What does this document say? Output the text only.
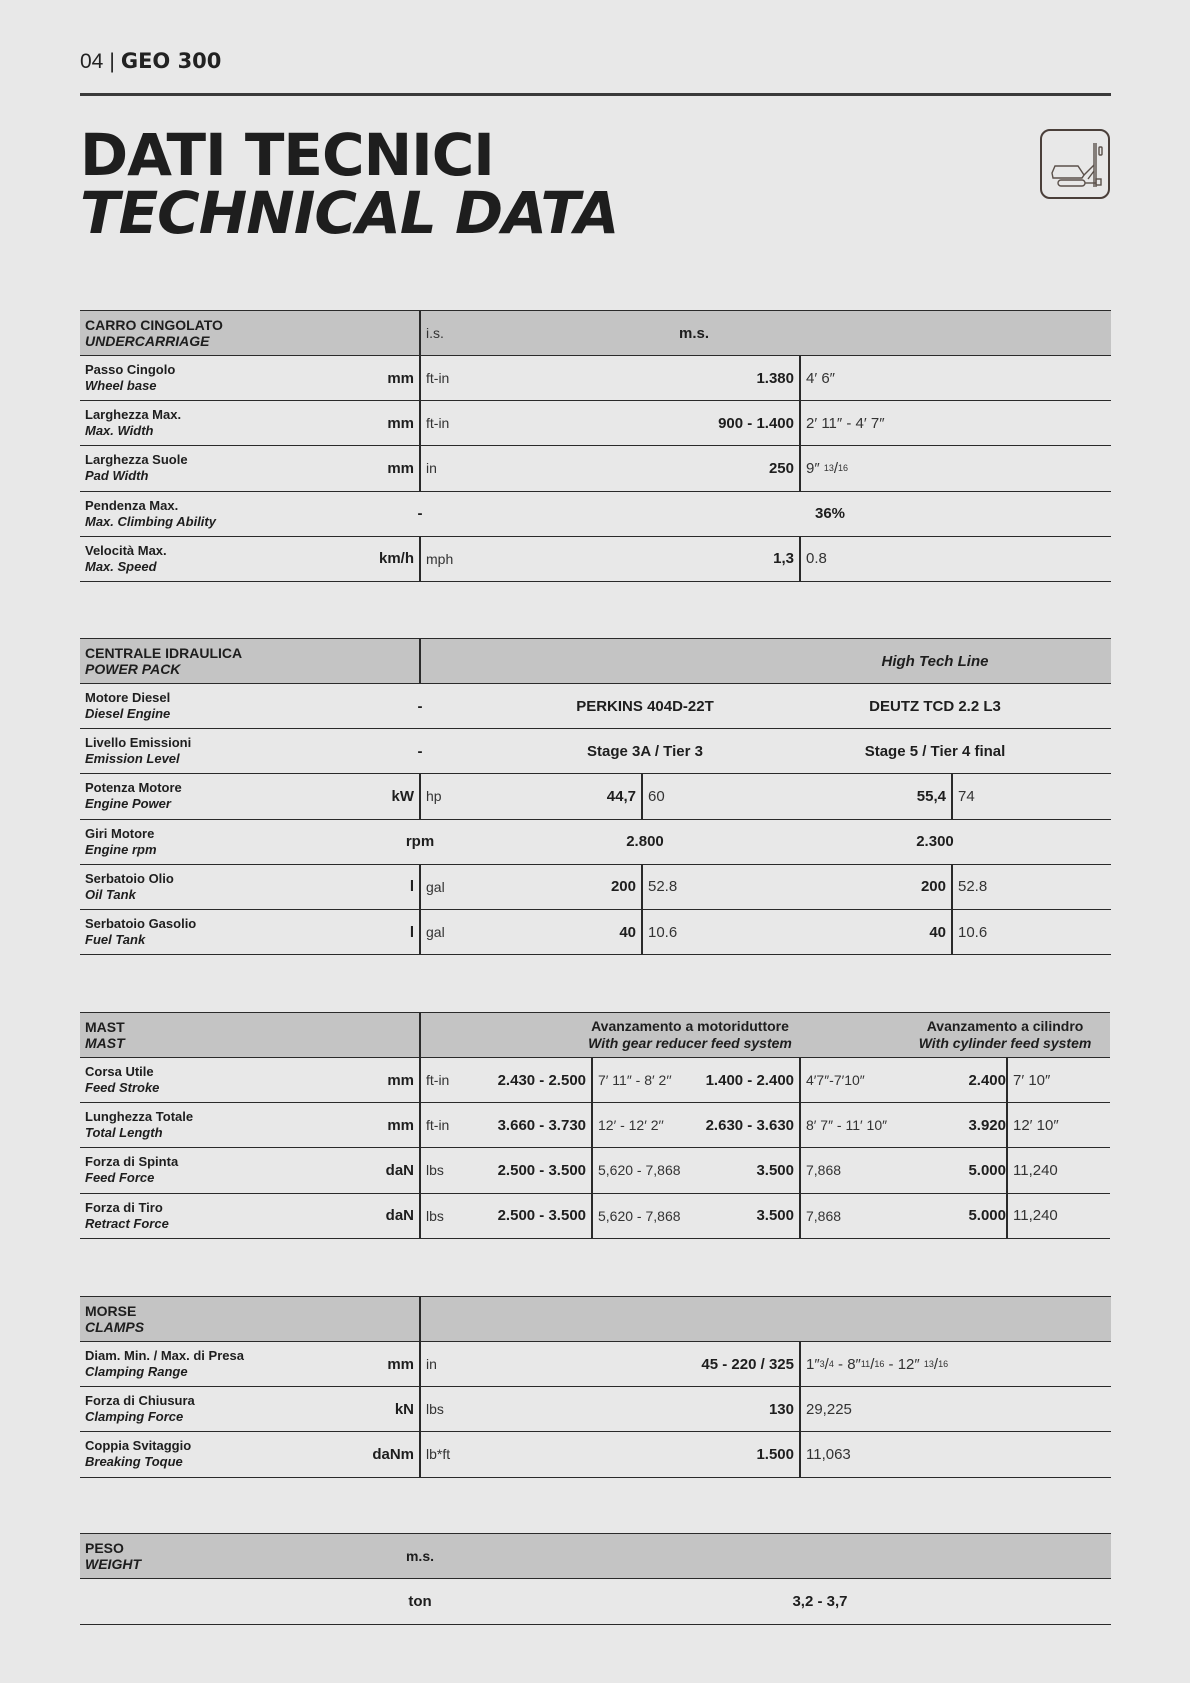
04 | GEO 300
DATI TECNICI
TECHNICAL DATA
CARRO CINGOLATO
UNDERCARRIAGE	m.s.
i.s.
Passo Cingolo
Wheel base	mm ft-in	1.380 4′ 6″
Larghezza Max.
Max. Width	mm ft-in	900 - 1.400 2′ 11″ - 4′ 7″
Larghezza Suole
Pad Width	mm in	250 9″ 13 / 16
Pendenza Max.
Max. Climbing Ability	-	36%
Velocità Max.
Max. Speed	km/h mph	1,3 0.8
CENTRALE IDRAULICA
POWER PACK	High Tech Line
Motore Diesel
Diesel Engine	-	PERKINS 404D-22T	DEUTZ TCD 2.2 L3
Livello Emissioni
Emission Level	-	Stage 3A / Tier 3	Stage 5 / Tier 4 final
Potenza Motore
Engine Power	kW hp	44,7 60	55,4 74
Giri Motore
Engine rpm	rpm	2.800	2.300
Serbatoio Olio
Oil Tank	l gal	200 52.8	200 52.8
Serbatoio Gasolio
Fuel Tank	l gal	40 10.6	40 10.6
MAST
MAST
Avanzamento a motoriduttore
With gear reducer feed system
Avanzamento a cilindro
With cylinder feed system
Corsa Utile
Feed Stroke	mm ft-in	2.430 - 2.500 7′ 11″ - 8′ 2′′	1.400 - 2.400 4′7″-7′10″	2.400 7′ 10″
Lunghezza Totale
Total Length	mm ft-in	3.660 - 3.730 12′ - 12′ 2′′	2.630 - 3.630 8′ 7″ - 11′ 10″	3.920 12′ 10″
Forza di Spinta
Feed Force	daN lbs	2.500 - 3.500 5,620 - 7,868	3.500 7,868	5.000 11,240
Forza di Tiro
Retract Force	daN lbs	2.500 - 3.500 5,620 - 7,868	3.500 7,868	5.000 11,240
MORSE
CLAMPS
Diam. Min. / Max. di Presa
Clamping Range	mm in	45 - 220 / 325 1″ 3 / 4 - 8″ 11 / 16 - 12″ 13 / 16
Forza di Chiusura
Clamping Force	kN lbs	130 29,225
Coppia Svitaggio
Breaking Toque	daNm lb*ft	1.500 11,063
PESO
WEIGHT	m.s.
ton	3,2 - 3,7
